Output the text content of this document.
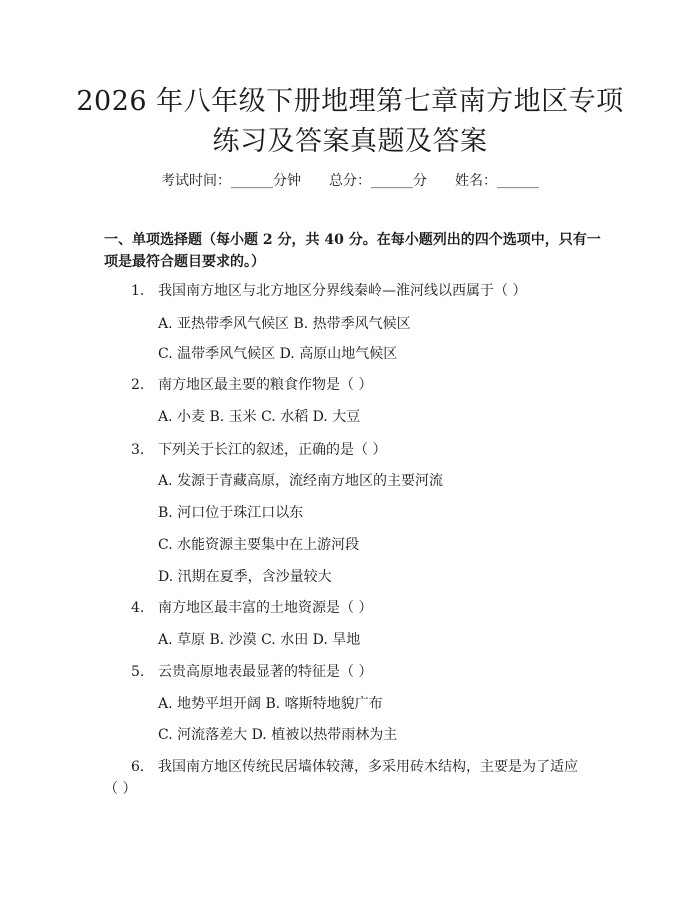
2026 年八年级下册地理第七章南方地区专项
练习及答案真题及答案
考试时间：______分钟　　总分：______分　　姓名：______

一、单项选择题（每小题 2 分，共 40 分。在每小题列出的四个选项中，只有一项是最符合题目要求的。）

1. 我国南方地区与北方地区分界线秦岭—淮河线以西属于（ ）
A. 亚热带季风气候区 B. 热带季风气候区
C. 温带季风气候区 D. 高原山地气候区
2. 南方地区最主要的粮食作物是（ ）
A. 小麦 B. 玉米 C. 水稻 D. 大豆
3. 下列关于长江的叙述，正确的是（ ）
A. 发源于青藏高原，流经南方地区的主要河流
B. 河口位于珠江口以东
C. 水能资源主要集中在上游河段
D. 汛期在夏季，含沙量较大
4. 南方地区最丰富的土地资源是（ ）
A. 草原 B. 沙漠 C. 水田 D. 旱地
5. 云贵高原地表最显著的特征是（ ）
A. 地势平坦开阔 B. 喀斯特地貌广布
C. 河流落差大 D. 植被以热带雨林为主
6. 我国南方地区传统民居墙体较薄，多采用砖木结构，主要是为了适应
（ ）
